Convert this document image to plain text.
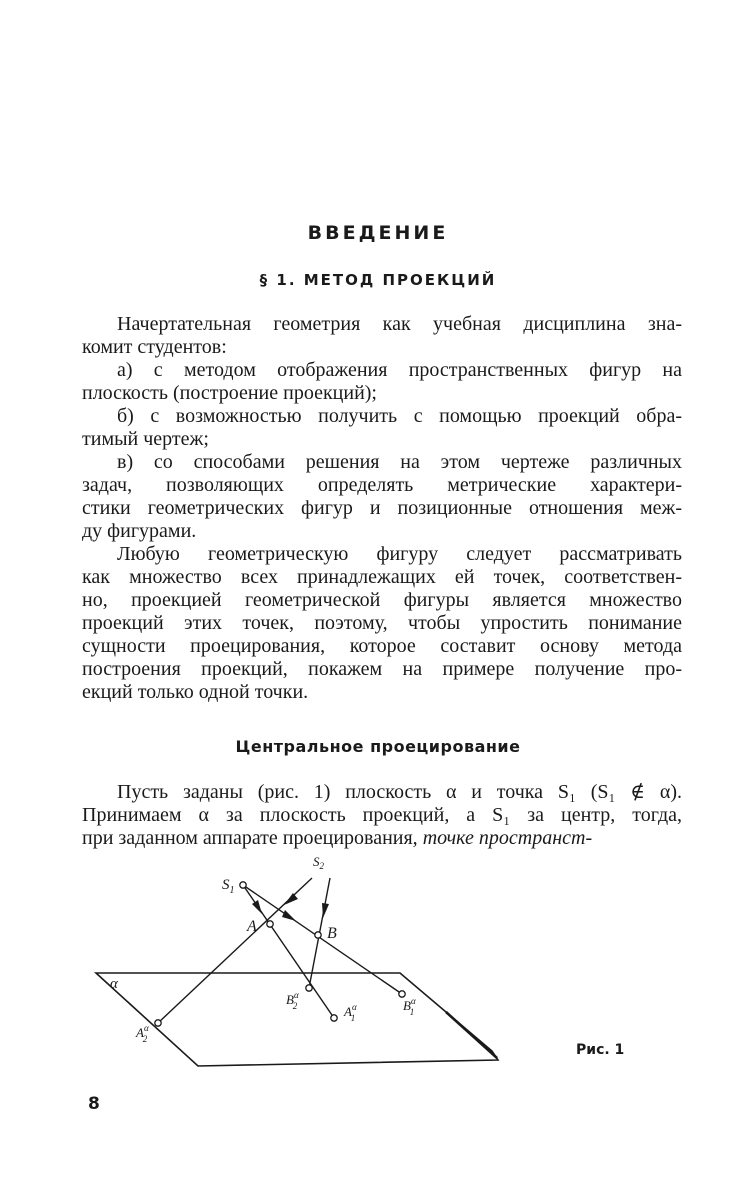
ВВЕДЕНИЕ
§ 1. МЕТОД ПРОЕКЦИЙ
Начертательная геометрия как учебная дисциплина зна-
комит студентов:
а) с методом отображения пространственных фигур на
плоскость (построение проекций);
б) с возможностью получить с помощью проекций обра-
тимый чертеж;
в) со способами решения на этом чертеже различных
задач, позволяющих определять метрические характери-
стики геометрических фигур и позиционные отношения меж-
ду фигурами.
Любую геометрическую фигуру следует рассматривать
как множество всех принадлежащих ей точек, соответствен-
но, проекцией геометрической фигуры является множество
проекций этих точек, поэтому, чтобы упростить понимание
сущности проецирования, которое составит основу метода
построения проекций, покажем на примере получение про-
екций только одной точки.
Центральное проецирование
Пусть заданы (рис. 1) плоскость α и точка S₁ (S₁ ∉ α).
Принимаем α за плоскость проекций, а S₁ за центр, тогда,
при заданном аппарате проецирования, точке пространст-
$S_1$
$S_2$
A	B
α
$B^\alpha$ 2	$A^\alpha$ 1
$B^\alpha$ 1
$A^\alpha$ 2
Рис. 1
8
